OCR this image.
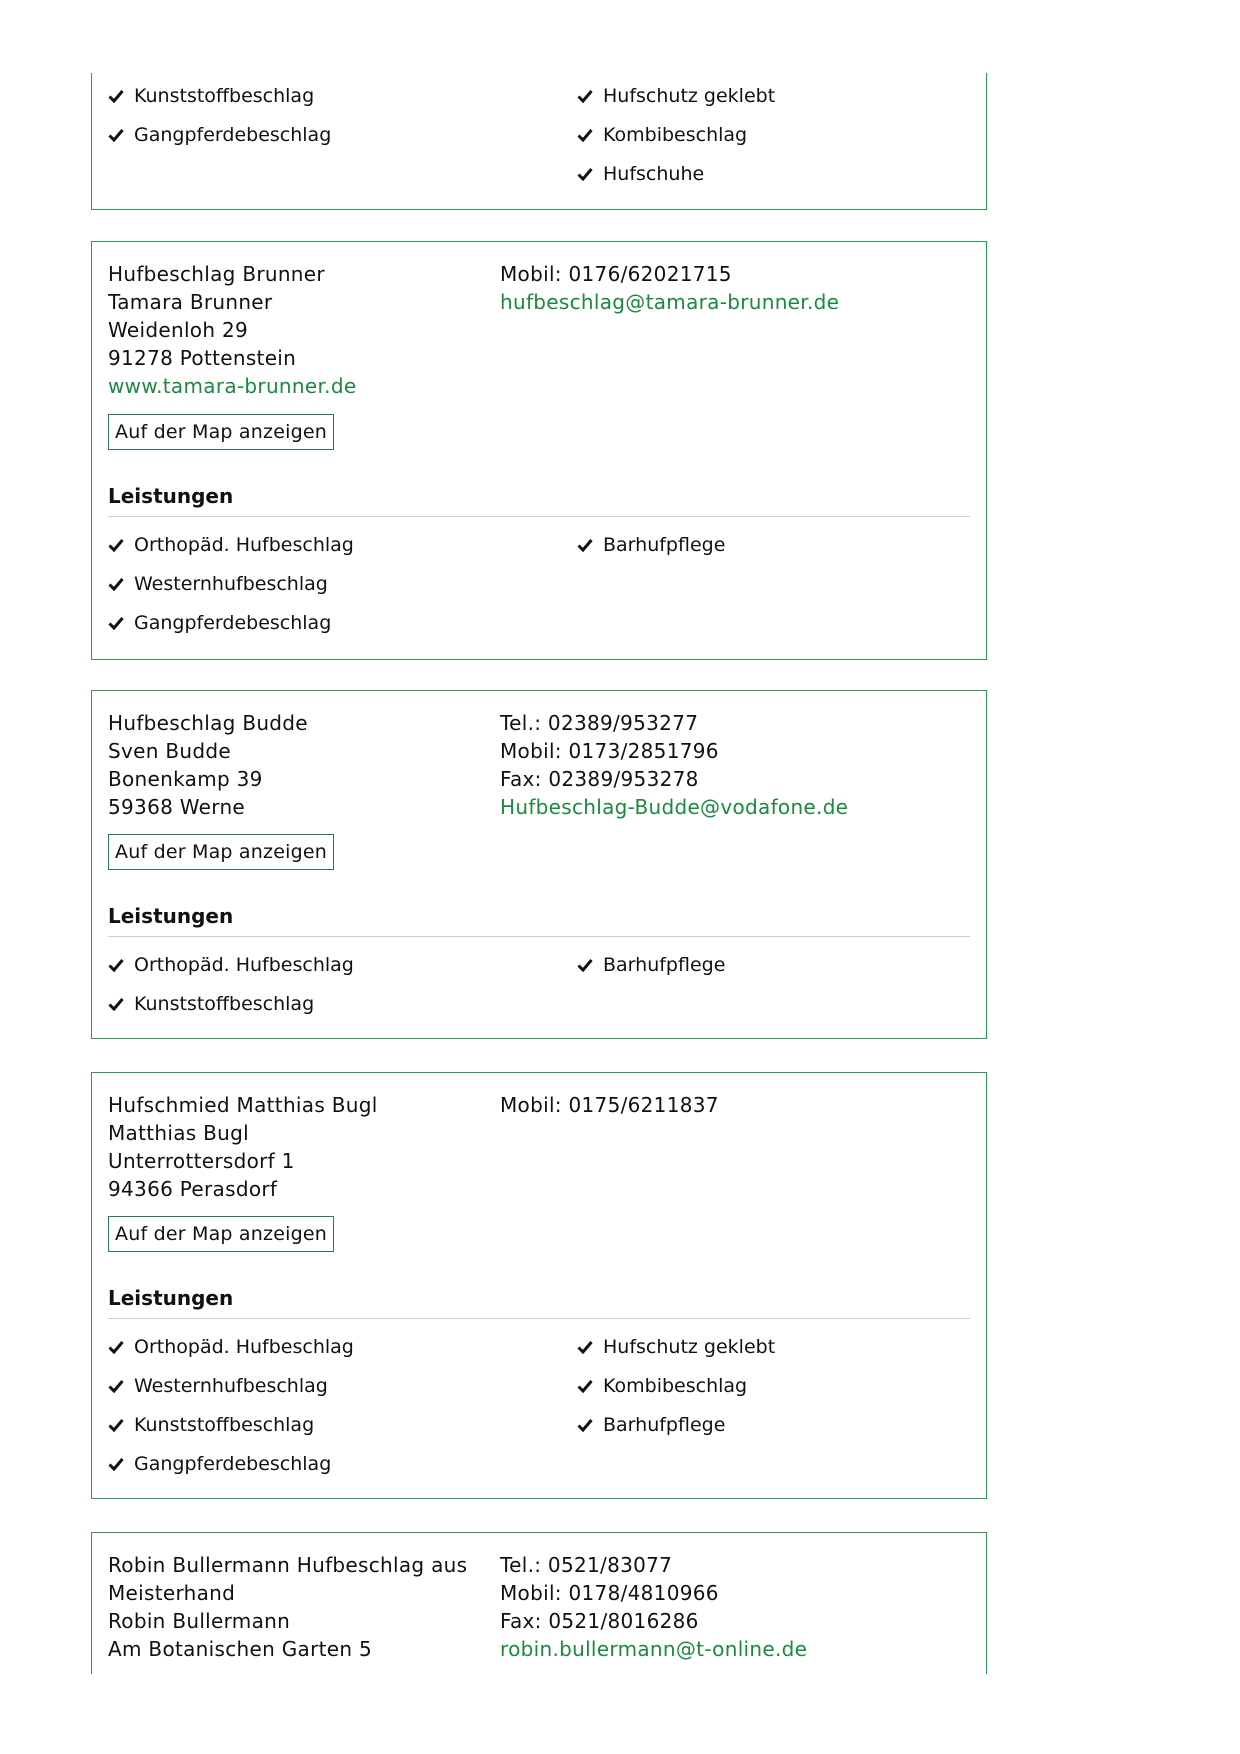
Kunststoffbeschlag
Gangpferdebeschlag
Hufschutz geklebt
Kombibeschlag
Hufschuhe
Hufbeschlag Brunner
Tamara Brunner
Weidenloh 29
91278 Pottenstein
www.tamara-brunner.de
Mobil: 0176/62021715
hufbeschlag@tamara-brunner.de
Auf der Map anzeigen
Leistungen
Orthopäd. Hufbeschlag
Westernhufbeschlag
Gangpferdebeschlag
Barhufpflege
Hufbeschlag Budde
Sven Budde
Bonenkamp 39
59368 Werne
Tel.: 02389/953277
Mobil: 0173/2851796
Fax: 02389/953278
Hufbeschlag-Budde@vodafone.de
Auf der Map anzeigen
Leistungen
Orthopäd. Hufbeschlag
Kunststoffbeschlag
Barhufpflege
Hufschmied Matthias Bugl
Matthias Bugl
Unterrottersdorf 1
94366 Perasdorf
Mobil: 0175/6211837
Auf der Map anzeigen
Leistungen
Orthopäd. Hufbeschlag
Westernhufbeschlag
Kunststoffbeschlag
Gangpferdebeschlag
Hufschutz geklebt
Kombibeschlag
Barhufpflege
Robin Bullermann Hufbeschlag aus
Meisterhand
Robin Bullermann
Am Botanischen Garten 5
Tel.: 0521/83077
Mobil: 0178/4810966
Fax: 0521/8016286
robin.bullermann@t-online.de
